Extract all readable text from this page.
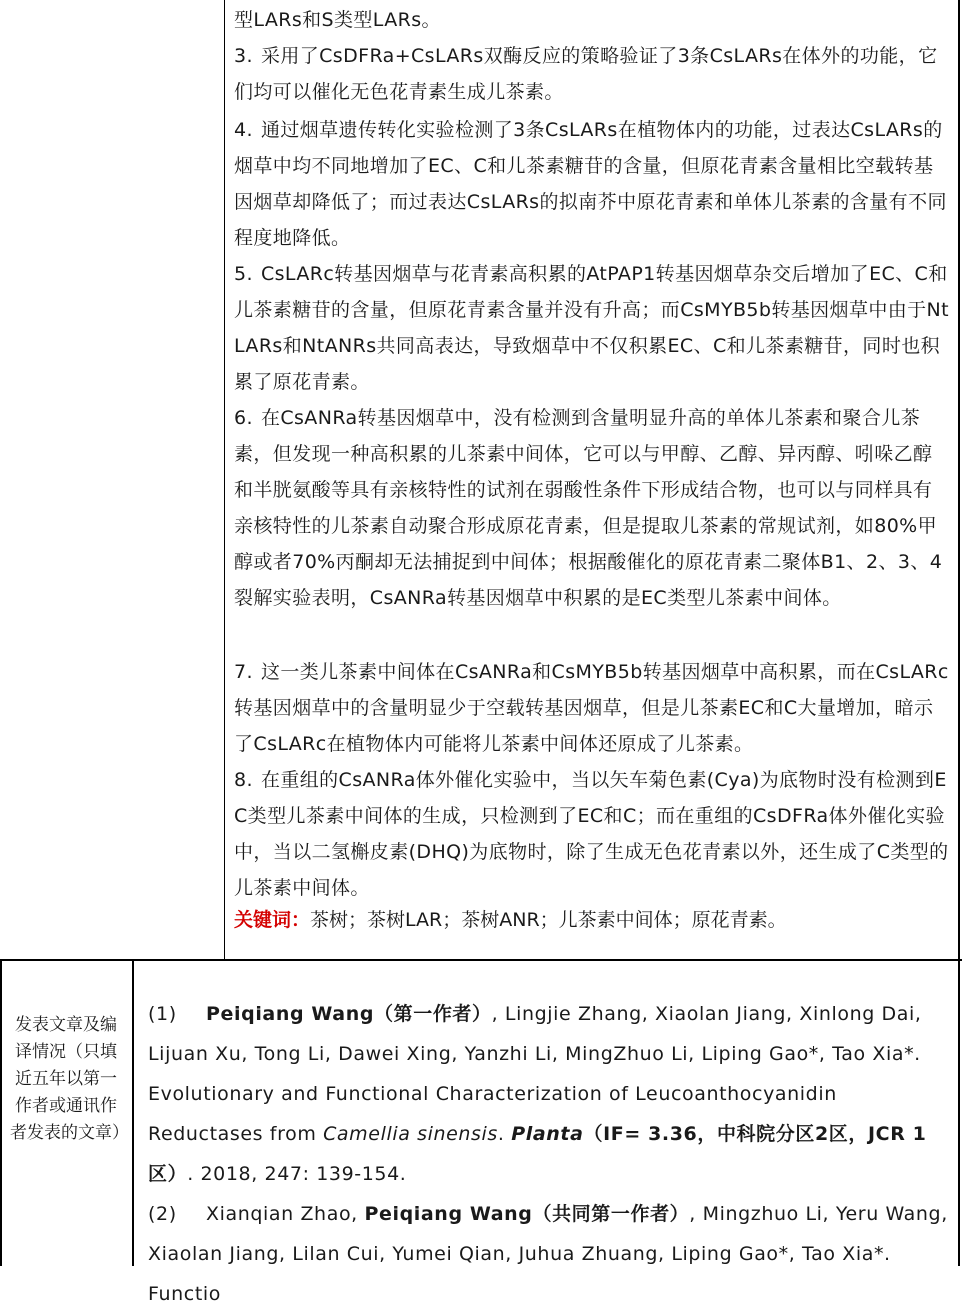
型LARs和S类型LARs。
3. 采用了CsDFRa+CsLARs双酶反应的策略验证了3条CsLARs在体外的功能，它们均可以催化无色花青素生成儿茶素。
4. 通过烟草遗传转化实验检测了3条CsLARs在植物体内的功能，过表达CsLARs的烟草中均不同地增加了EC、C和儿茶素糖苷的含量，但原花青素含量相比空载转基因烟草却降低了；而过表达CsLARs的拟南芥中原花青素和单体儿茶素的含量有不同程度地降低。
5. CsLARc转基因烟草与花青素高积累的AtPAP1转基因烟草杂交后增加了EC、C和儿茶素糖苷的含量，但原花青素含量并没有升高；而CsMYB5b转基因烟草中由于NtLARs和NtANRs共同高表达，导致烟草中不仅积累EC、C和儿茶素糖苷，同时也积累了原花青素。
6. 在CsANRa转基因烟草中，没有检测到含量明显升高的单体儿茶素和聚合儿茶素，但发现一种高积累的儿茶素中间体，它可以与甲醇、乙醇、异丙醇、吲哚乙醇和半胱氨酸等具有亲核特性的试剂在弱酸性条件下形成结合物，也可以与同样具有亲核特性的儿茶素自动聚合形成原花青素，但是提取儿茶素的常规试剂，如80%甲醇或者70%丙酮却无法捕捉到中间体；根据酸催化的原花青素二聚体B1、2、3、4裂解实验表明，CsANRa转基因烟草中积累的是EC类型儿茶素中间体。
7. 这一类儿茶素中间体在CsANRa和CsMYB5b转基因烟草中高积累，而在CsLARc转基因烟草中的含量明显少于空载转基因烟草，但是儿茶素EC和C大量增加，暗示了CsLARc在植物体内可能将儿茶素中间体还原成了儿茶素。
8. 在重组的CsANRa体外催化实验中，当以矢车菊色素(Cya)为底物时没有检测到EC类型儿茶素中间体的生成，只检测到了EC和C；而在重组的CsDFRa体外催化实验中，当以二氢槲皮素(DHQ)为底物时，除了生成无色花青素以外，还生成了C类型的儿茶素中间体。
关键词：茶树；茶树LAR；茶树ANR；儿茶素中间体；原花青素。
发表文章及编译情况（只填近五年以第一作者或通讯作者发表的文章）
(1) Peiqiang Wang（第一作者）, Lingjie Zhang, Xiaolan Jiang, Xinlong Dai, Lijuan Xu, Tong Li, Dawei Xing, Yanzhi Li, MingZhuo Li, Liping Gao*, Tao Xia*. Evolutionary and Functional Characterization of Leucoanthocyanidin Reductases from Camellia sinensis. Planta（IF= 3.36，中科院分区2区，JCR 1区）. 2018, 247: 139-154.
(2) Xianqian Zhao, Peiqiang Wang（共同第一作者）, Mingzhuo Li, Yeru Wang, Xiaolan Jiang, Lilan Cui, Yumei Qian, Juhua Zhuang, Liping Gao*, Tao Xia*. Functio
